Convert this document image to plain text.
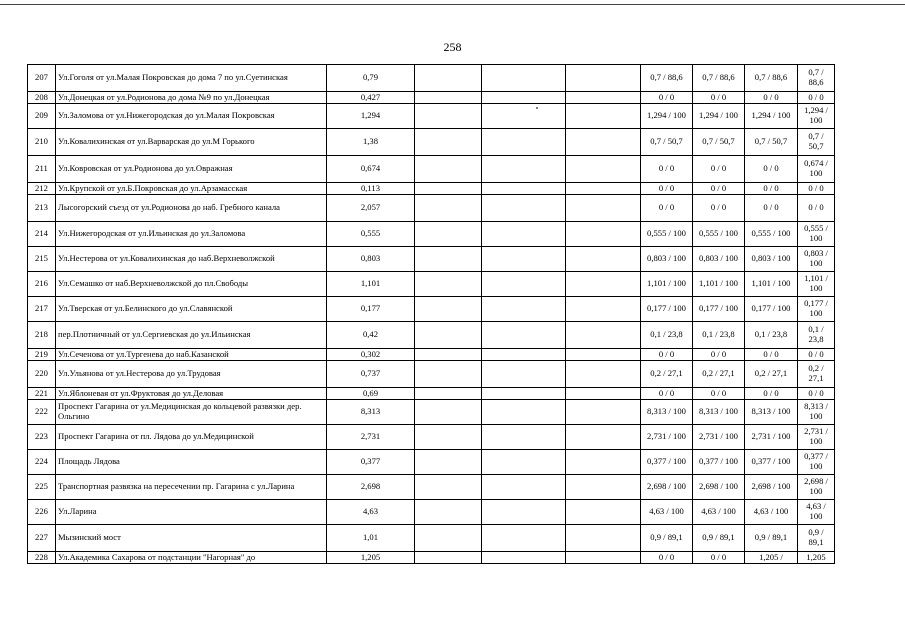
258
207	Ул.Гоголя от ул.Малая Покровская до дома 7 по ул.Суетинская	0,79				0,7 / 88,6	0,7 / 88,6	0,7 / 88,6	0,7 / 88,6
208	Ул.Донецкая от ул.Родионова до дома №9 по ул.Донецкая	0,427				0 / 0	0 / 0	0 / 0	0 / 0
209	Ул.Заломова от ул.Нижегородская до ул.Малая Покровская	1,294				1,294 / 100	1,294 / 100	1,294 / 100	1,294 / 100
210	Ул.Ковалихинская от ул.Варварская до ул.М Горького	1,38				0,7 / 50,7	0,7 / 50,7	0,7 / 50,7	0,7 / 50,7
211	Ул.Ковровская от ул.Родионова до ул.Овражная	0,674				0 / 0	0 / 0	0 / 0	0,674 / 100
212	Ул.Крупской от ул.Б.Покровская до ул.Арзамасская	0,113				0 / 0	0 / 0	0 / 0	0 / 0
213	Лысогорский съезд от ул.Родионова до наб. Гребного канала	2,057				0 / 0	0 / 0	0 / 0	0 / 0
214	Ул.Нижегородская от ул.Ильинская до ул.Заломова	0,555				0,555 / 100	0,555 / 100	0,555 / 100	0,555 / 100
215	Ул.Нестерова от ул.Ковалихинская до наб.Верхневолжской	0,803				0,803 / 100	0,803 / 100	0,803 / 100	0,803 / 100
216	Ул.Семашко от наб.Верхневолжской до пл.Свободы	1,101				1,101 / 100	1,101 / 100	1,101 / 100	1,101 / 100
217	Ул.Тверская от ул.Белинского до ул.Славянской	0,177				0,177 / 100	0,177 / 100	0,177 / 100	0,177 / 100
218	пер.Плотничный от ул.Сергиевская до ул.Ильинская	0,42				0,1 / 23,8	0,1 / 23,8	0,1 / 23,8	0,1 / 23,8
219	Ул.Сеченова от ул.Тургенева до наб.Казанской	0,302				0 / 0	0 / 0	0 / 0	0 / 0
220	Ул.Ульянова от ул.Нестерова до ул.Трудовая	0,737				0,2 / 27,1	0,2 / 27,1	0,2 / 27,1	0,2 / 27,1
221	Ул.Яблоневая от ул.Фруктовая до ул.Деловая	0,69				0 / 0	0 / 0	0 / 0	0 / 0
222	Проспект Гагарина от ул.Медицинская до кольцевой развязки дер. Ольгино	8,313				8,313 / 100	8,313 / 100	8,313 / 100	8,313 / 100
223	Проспект Гагарина от пл. Лядова до ул.Медицинской	2,731				2,731 / 100	2,731 / 100	2,731 / 100	2,731 / 100
224	Площадь Лядова	0,377				0,377 / 100	0,377 / 100	0,377 / 100	0,377 / 100
225	Транспортная развязка на пересечении пр. Гагарина с ул.Ларина	2,698				2,698 / 100	2,698 / 100	2,698 / 100	2,698 / 100
226	Ул.Ларина	4,63				4,63 / 100	4,63 / 100	4,63 / 100	4,63 / 100
227	Мызинский мост	1,01				0,9 / 89,1	0,9 / 89,1	0,9 / 89,1	0,9 / 89,1
228	Ул.Академика Сахарова от подстанции "Нагорная" до	1,205				0 / 0	0 / 0	1,205 /	1,205
